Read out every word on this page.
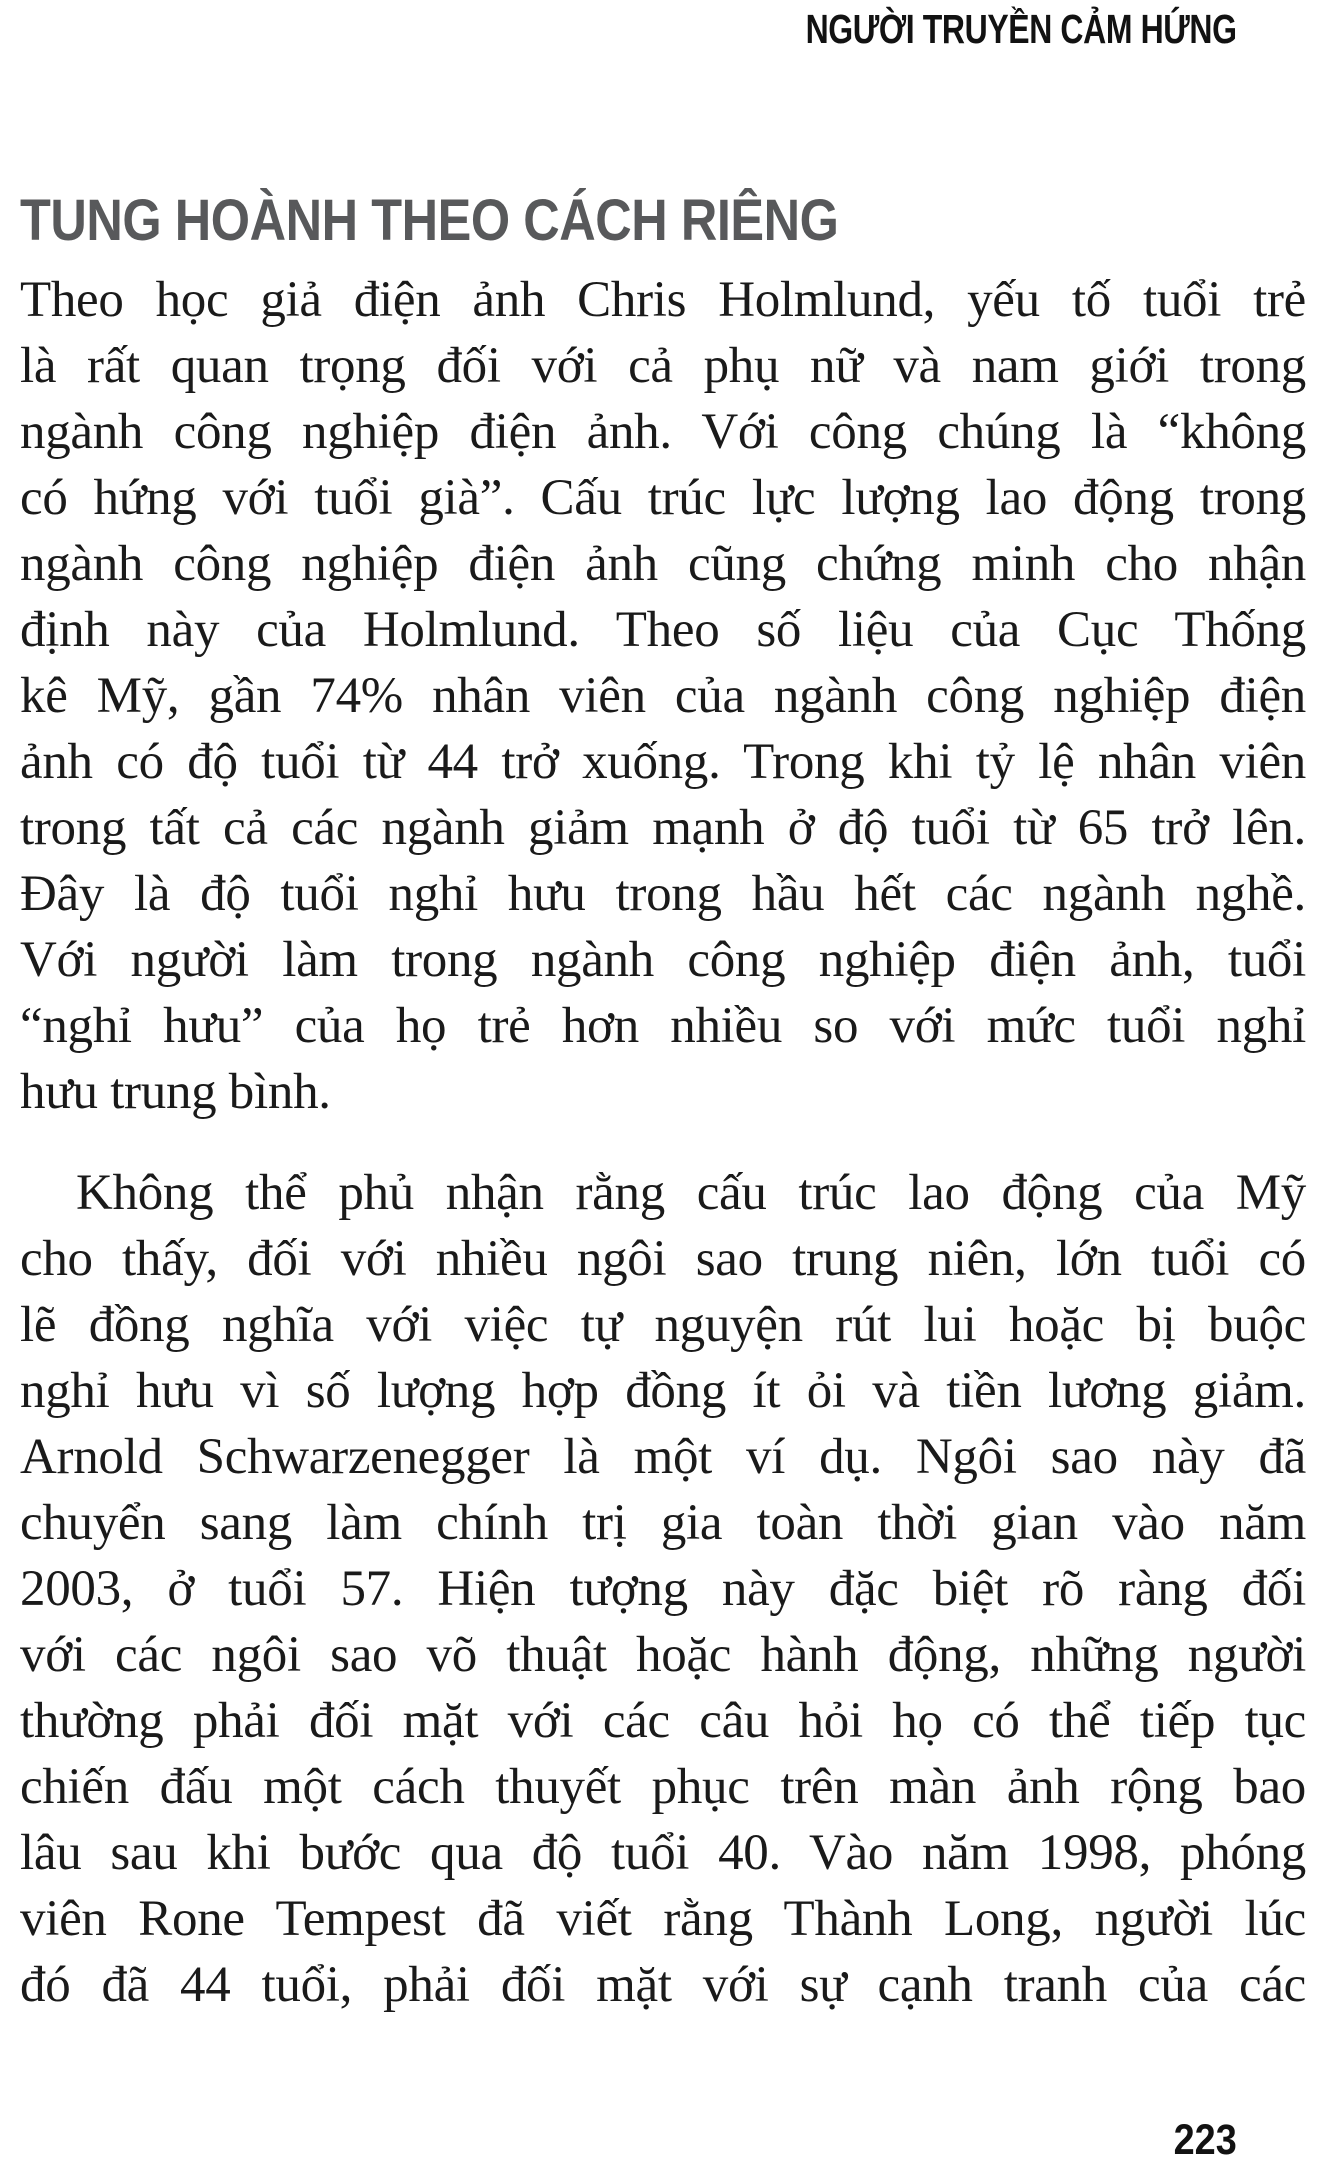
NGƯỜI TRUYỀN CẢM HỨNG
TUNG HOÀNH THEO CÁCH RIÊNG
Theo học giả điện ảnh Chris Holmlund, yếu tố tuổi trẻ
là rất quan trọng đối với cả phụ nữ và nam giới trong
ngành công nghiệp điện ảnh. Với công chúng là “không
có hứng với tuổi già”. Cấu trúc lực lượng lao động trong
ngành công nghiệp điện ảnh cũng chứng minh cho nhận
định này của Holmlund. Theo số liệu của Cục Thống
kê Mỹ, gần 74% nhân viên của ngành công nghiệp điện
ảnh có độ tuổi từ 44 trở xuống. Trong khi tỷ lệ nhân viên
trong tất cả các ngành giảm mạnh ở độ tuổi từ 65 trở lên.
Đây là độ tuổi nghỉ hưu trong hầu hết các ngành nghề.
Với người làm trong ngành công nghiệp điện ảnh, tuổi
“nghỉ hưu” của họ trẻ hơn nhiều so với mức tuổi nghỉ
hưu trung bình.
Không thể phủ nhận rằng cấu trúc lao động của Mỹ
cho thấy, đối với nhiều ngôi sao trung niên, lớn tuổi có
lẽ đồng nghĩa với việc tự nguyện rút lui hoặc bị buộc
nghỉ hưu vì số lượng hợp đồng ít ỏi và tiền lương giảm.
Arnold Schwarzenegger là một ví dụ. Ngôi sao này đã
chuyển sang làm chính trị gia toàn thời gian vào năm
2003, ở tuổi 57. Hiện tượng này đặc biệt rõ ràng đối
với các ngôi sao võ thuật hoặc hành động, những người
thường phải đối mặt với các câu hỏi họ có thể tiếp tục
chiến đấu một cách thuyết phục trên màn ảnh rộng bao
lâu sau khi bước qua độ tuổi 40. Vào năm 1998, phóng
viên Rone Tempest đã viết rằng Thành Long, người lúc
đó đã 44 tuổi, phải đối mặt với sự cạnh tranh của các
223
